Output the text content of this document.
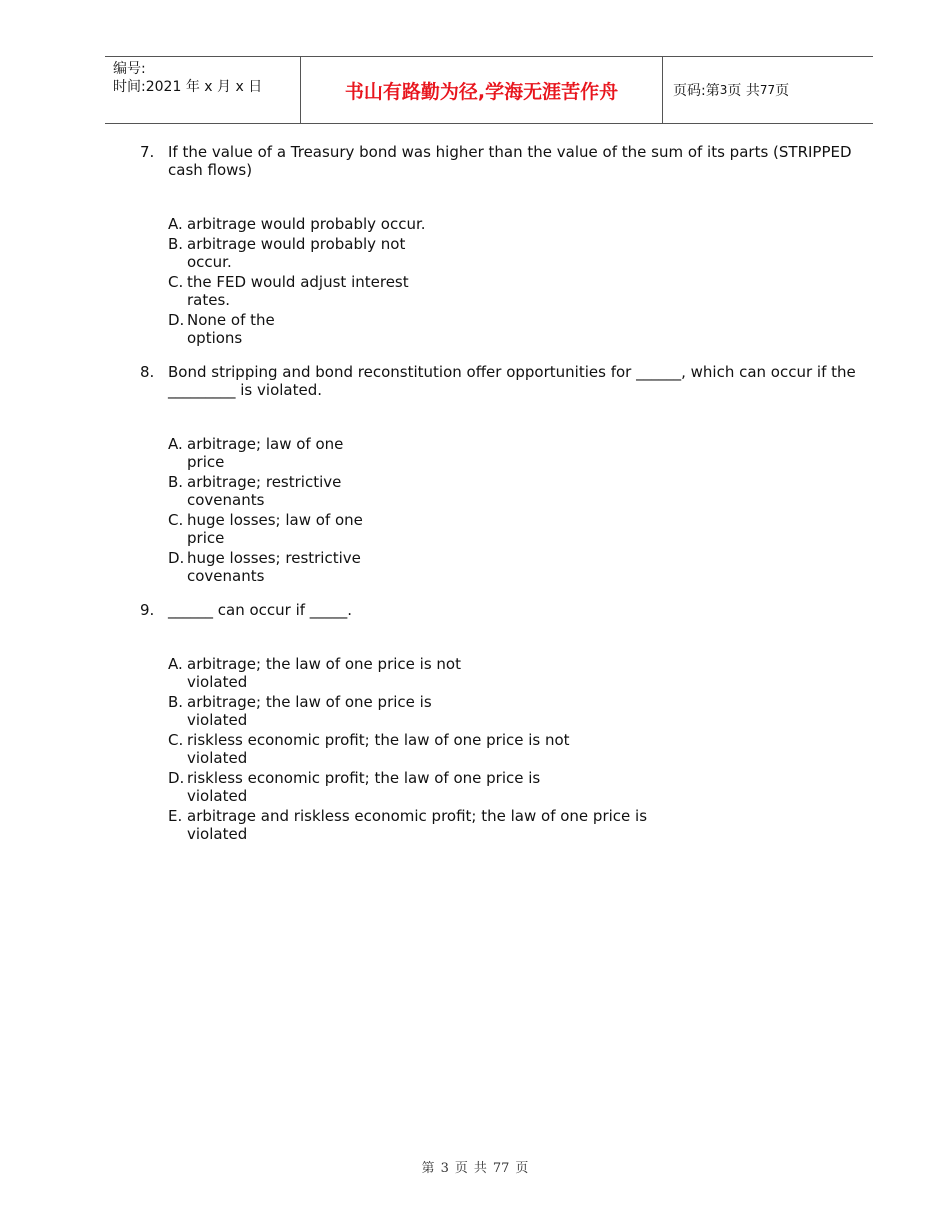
编号:
时间:2021 年 x 月 x 日	书山有路勤为径,学海无涯苦作舟	页码: 第 3 页
共 77 页
7. If the value of a Treasury bond was higher than the value of the sum of its parts (STRIPPED cash flows)

A. arbitrage would probably occur.
B. arbitrage would probably not occur.
C. the FED would adjust interest rates.
D. None of the options
8. Bond stripping and bond reconstitution offer opportunities for ______, which can occur if the _________ is violated.

A. arbitrage; law of one price
B. arbitrage; restrictive covenants
C. huge losses; law of one price
D. huge losses; restrictive covenants
9. ______ can occur if _____.

A. arbitrage; the law of one price is not violated
B. arbitrage; the law of one price is violated
C. riskless economic profit; the law of one price is not violated
D. riskless economic profit; the law of one price is violated
E. arbitrage and riskless economic profit; the law of one price is violated
第 3 页 共 77 页
